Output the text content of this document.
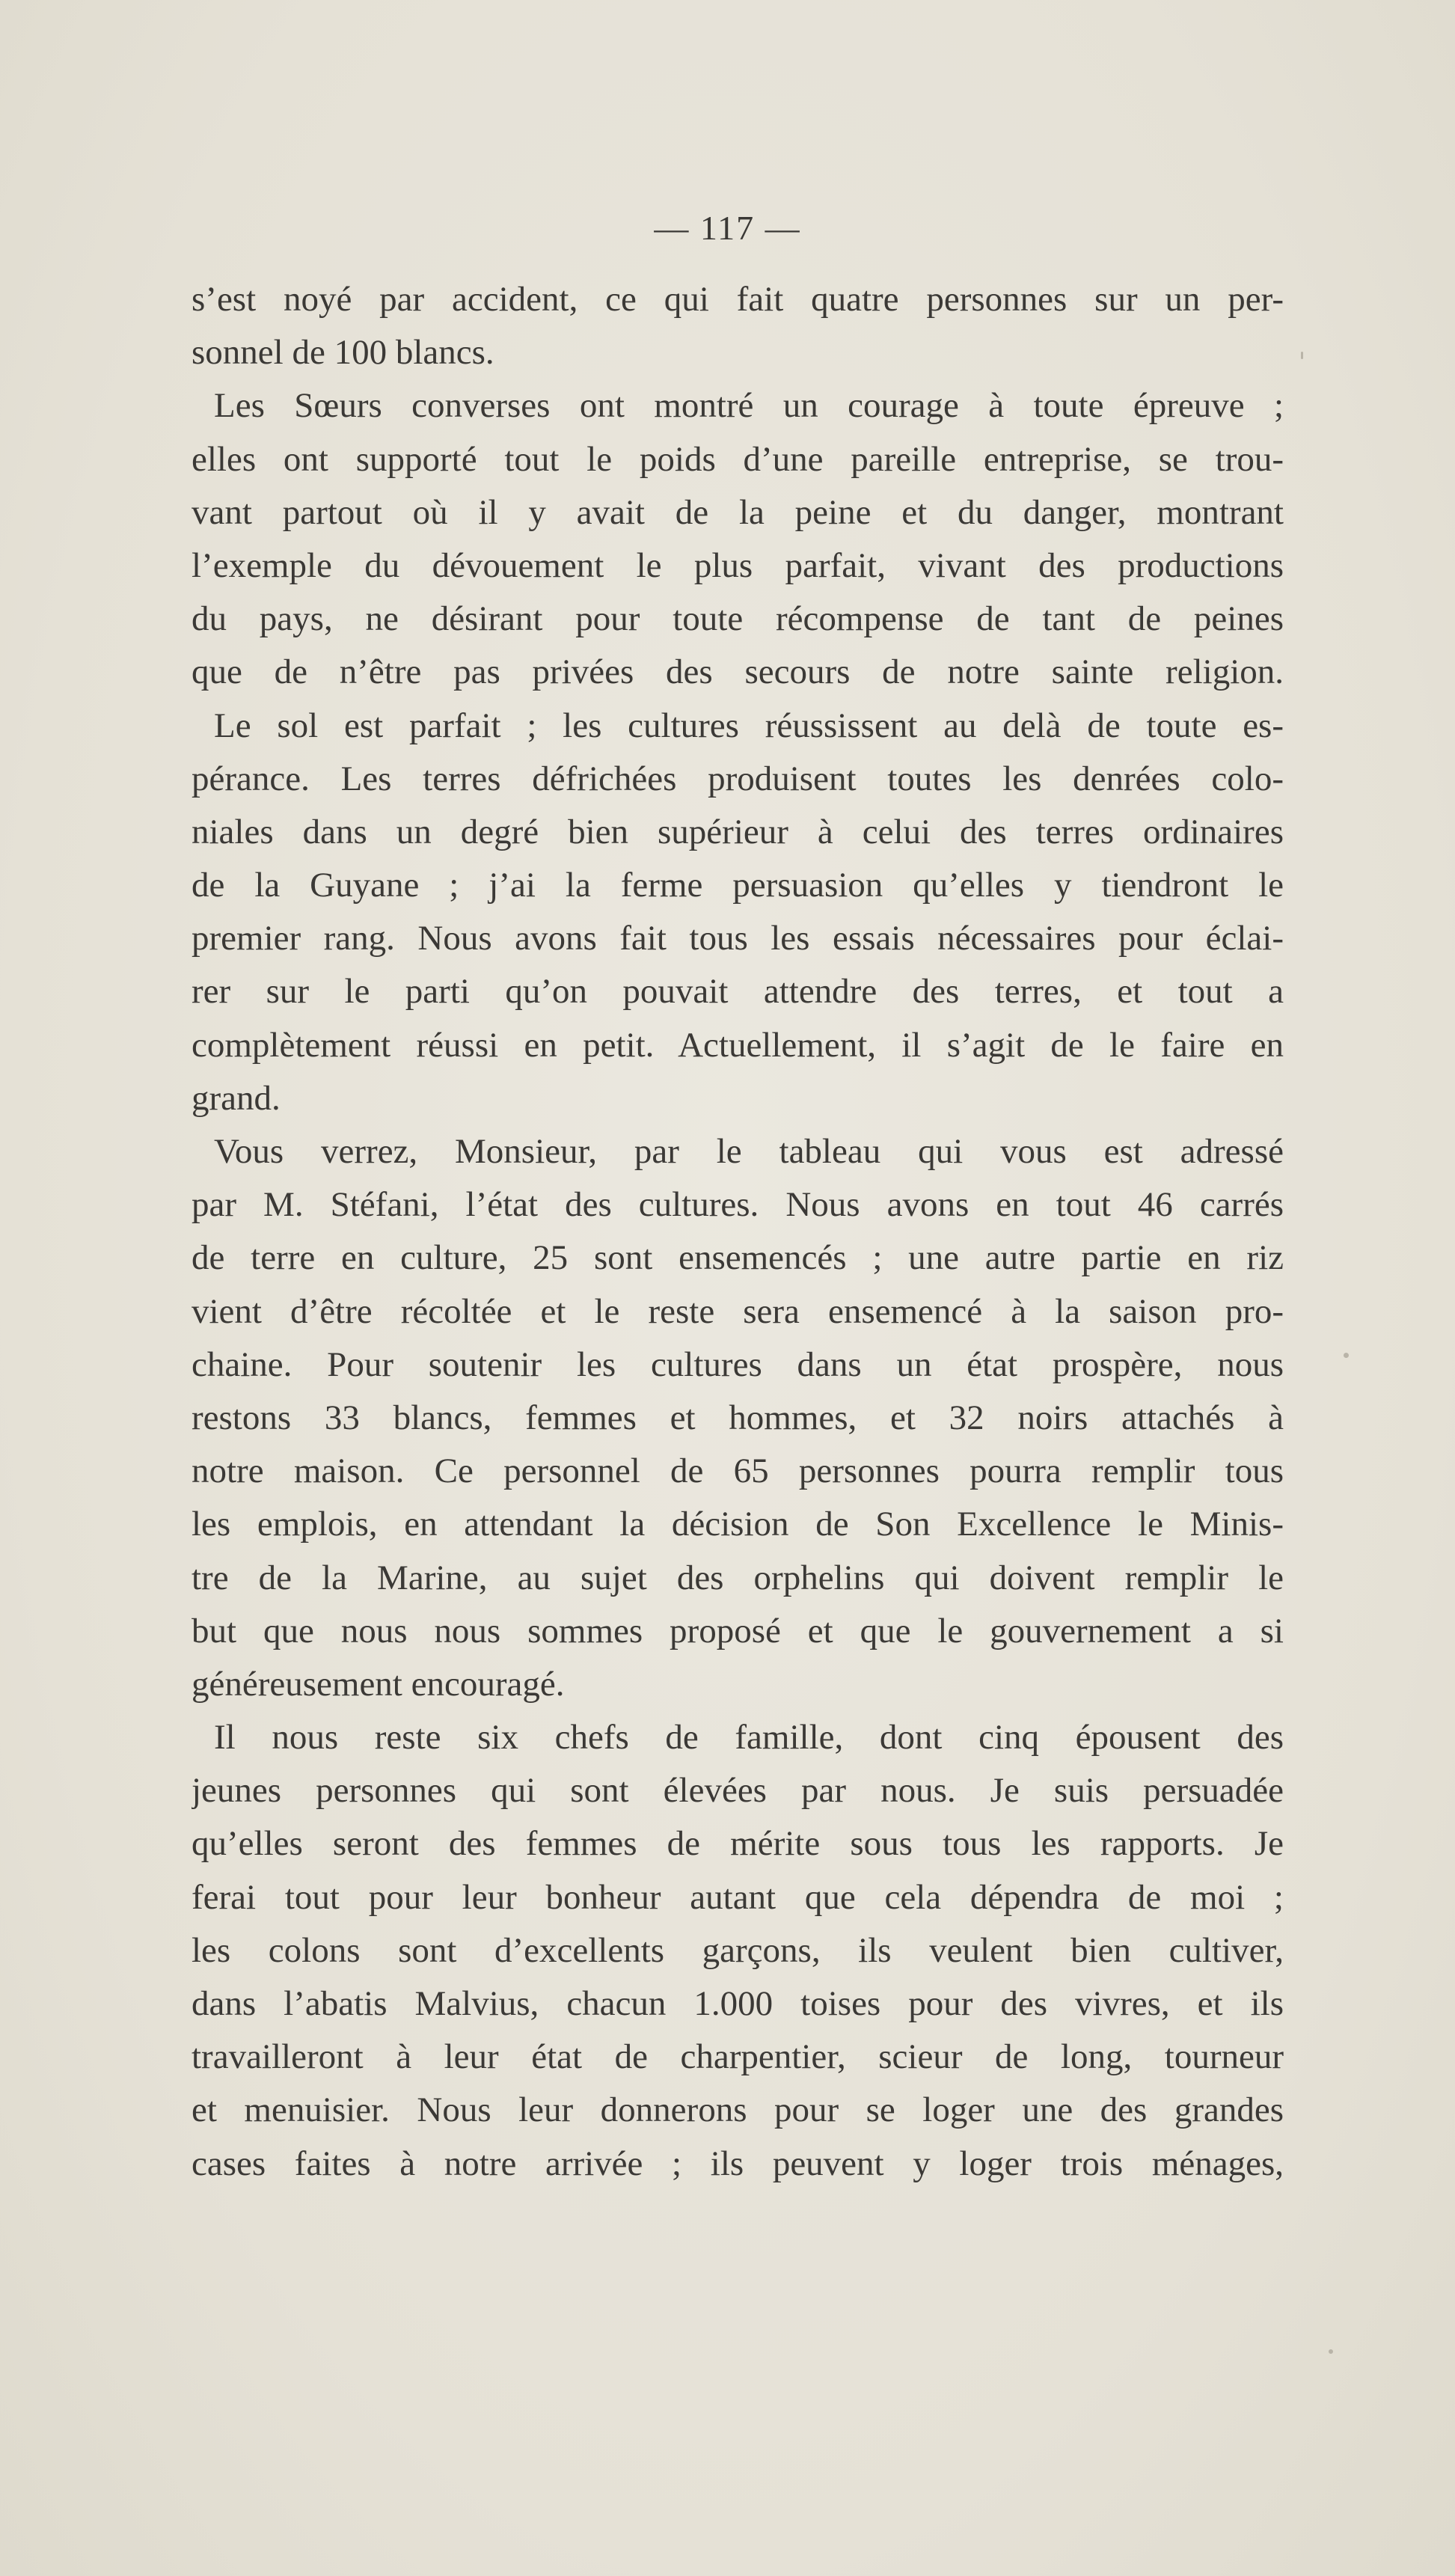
— 117 —
s’est noyé par accident, ce qui fait quatre personnes sur un per-
sonnel de 100 blancs.
Les Sœurs converses ont montré un courage à toute épreuve ;
elles ont supporté tout le poids d’une pareille entreprise, se trou-
vant partout où il y avait de la peine et du danger, montrant
l’exemple du dévouement le plus parfait, vivant des productions
du pays, ne désirant pour toute récompense de tant de peines
que de n’être pas privées des secours de notre sainte religion.
Le sol est parfait ; les cultures réussissent au delà de toute es-
pérance. Les terres défrichées produisent toutes les denrées colo-
niales dans un degré bien supérieur à celui des terres ordinaires
de la Guyane ; j’ai la ferme persuasion qu’elles y tiendront le
premier rang. Nous avons fait tous les essais nécessaires pour éclai-
rer sur le parti qu’on pouvait attendre des terres, et tout a
complètement réussi en petit. Actuellement, il s’agit de le faire en
grand.
Vous verrez, Monsieur, par le tableau qui vous est adressé
par M. Stéfani, l’état des cultures. Nous avons en tout 46 carrés
de terre en culture, 25 sont ensemencés ; une autre partie en riz
vient d’être récoltée et le reste sera ensemencé à la saison pro-
chaine. Pour soutenir les cultures dans un état prospère, nous
restons 33 blancs, femmes et hommes, et 32 noirs attachés à
notre maison. Ce personnel de 65 personnes pourra remplir tous
les emplois, en attendant la décision de Son Excellence le Minis-
tre de la Marine, au sujet des orphelins qui doivent remplir le
but que nous nous sommes proposé et que le gouvernement a si
généreusement encouragé.
Il nous reste six chefs de famille, dont cinq épousent des
jeunes personnes qui sont élevées par nous. Je suis persuadée
qu’elles seront des femmes de mérite sous tous les rapports. Je
ferai tout pour leur bonheur autant que cela dépendra de moi ;
les colons sont d’excellents garçons, ils veulent bien cultiver,
dans l’abatis Malvius, chacun 1.000 toises pour des vivres, et ils
travailleront à leur état de charpentier, scieur de long, tourneur
et menuisier. Nous leur donnerons pour se loger une des grandes
cases faites à notre arrivée ; ils peuvent y loger trois ménages,
